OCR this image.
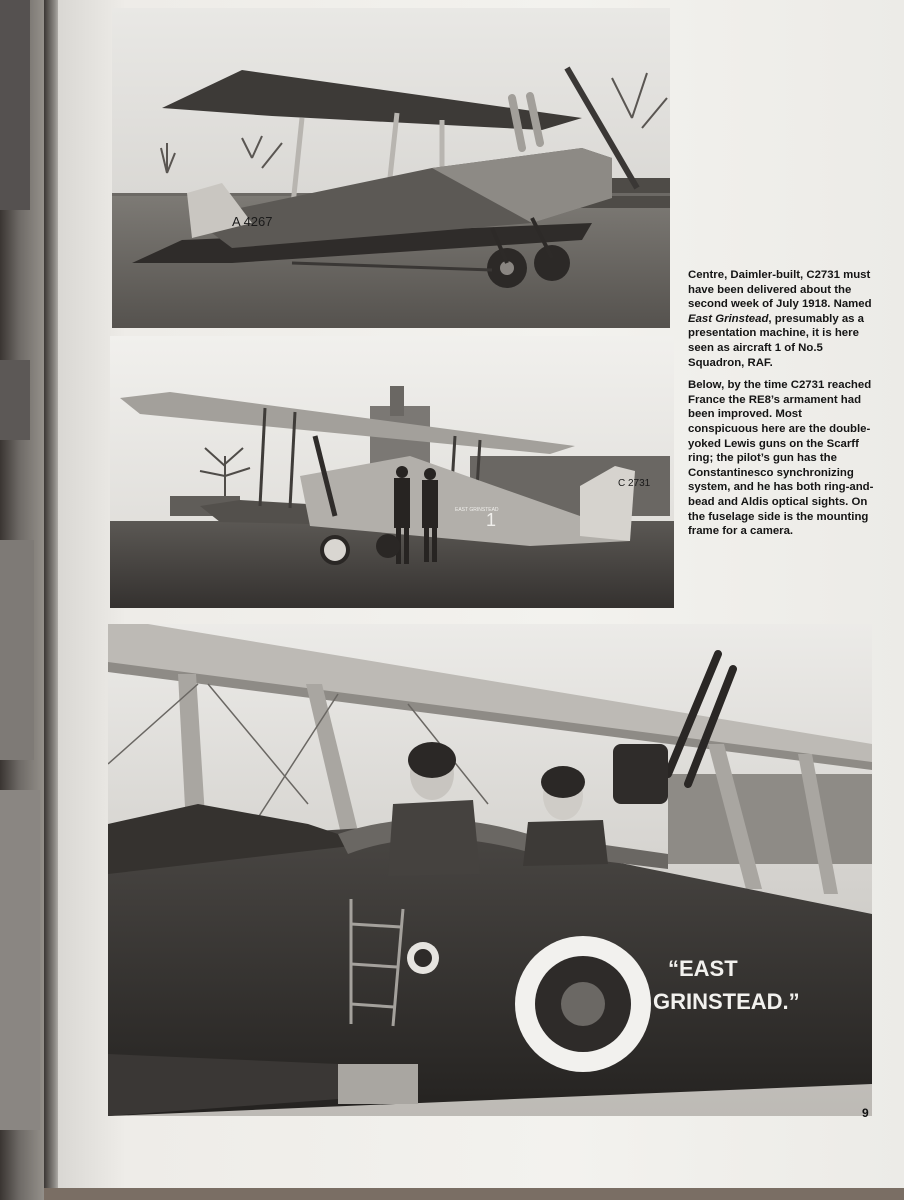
A 4267
C 2731
1
EAST GRINSTEAD
“EAST
GRINSTEAD.”

Centre, Daimler-built, C2731 must have been delivered about the second week of July 1918. Named East Grinstead, presumably as a presentation machine, it is here seen as aircraft 1 of No.5 Squadron, RAF.

Below, by the time C2731 reached France the RE8’s armament had been improved. Most conspicuous here are the double-yoked Lewis guns on the Scarff ring; the pilot’s gun has the Constantinesco synchronizing system, and he has both ring-and-bead and Aldis optical sights. On the fuselage side is the mounting frame for a camera.

9
